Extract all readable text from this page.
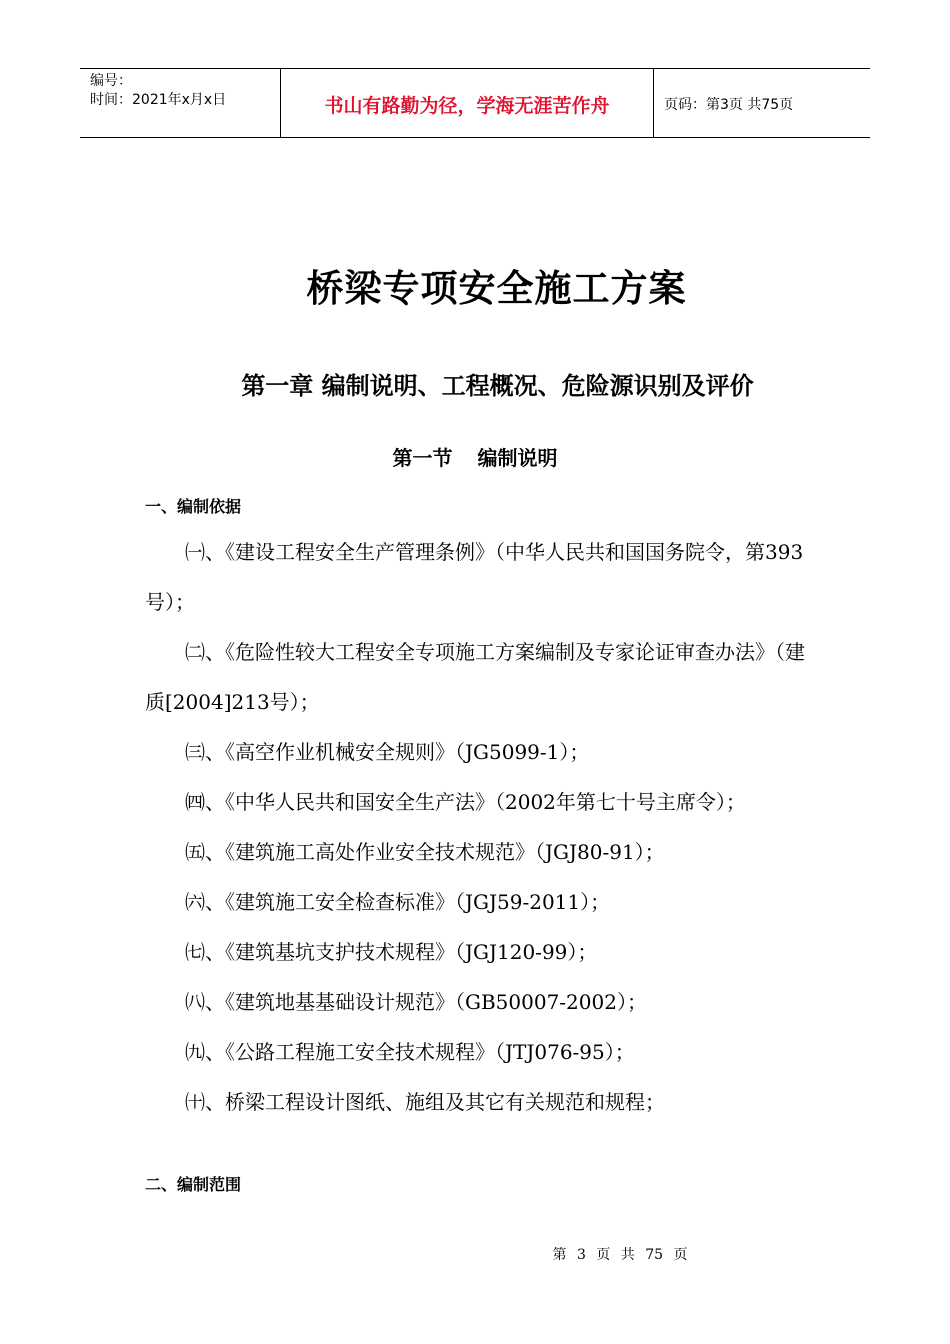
编号：
时间：2021年x月x日	书山有路勤为径，学海无涯苦作舟	页码：第3页 共75页
桥梁专项安全施工方案
第一章 编制说明、工程概况、危险源识别及评价
第一节 编制说明
一、编制依据

㈠、《建设工程安全生产管理条例》（中华人民共和国国务院令，第393号）；

㈡、《危险性较大工程安全专项施工方案编制及专家论证审查办法》（建质[2004]213号）；

㈢、《高空作业机械安全规则》（JG5099-1）；

㈣、《中华人民共和国安全生产法》（2002年第七十号主席令）；

㈤、《建筑施工高处作业安全技术规范》（JGJ80-91）；

㈥、《建筑施工安全检查标准》（JGJ59-2011）；

㈦、《建筑基坑支护技术规程》（JGJ120-99）；

㈧、《建筑地基基础设计规范》（GB50007-2002）；

㈨、《公路工程施工安全技术规程》（JTJ076-95）；

㈩、桥梁工程设计图纸、施组及其它有关规范和规程；

二、编制范围
第 3 页 共 75 页
